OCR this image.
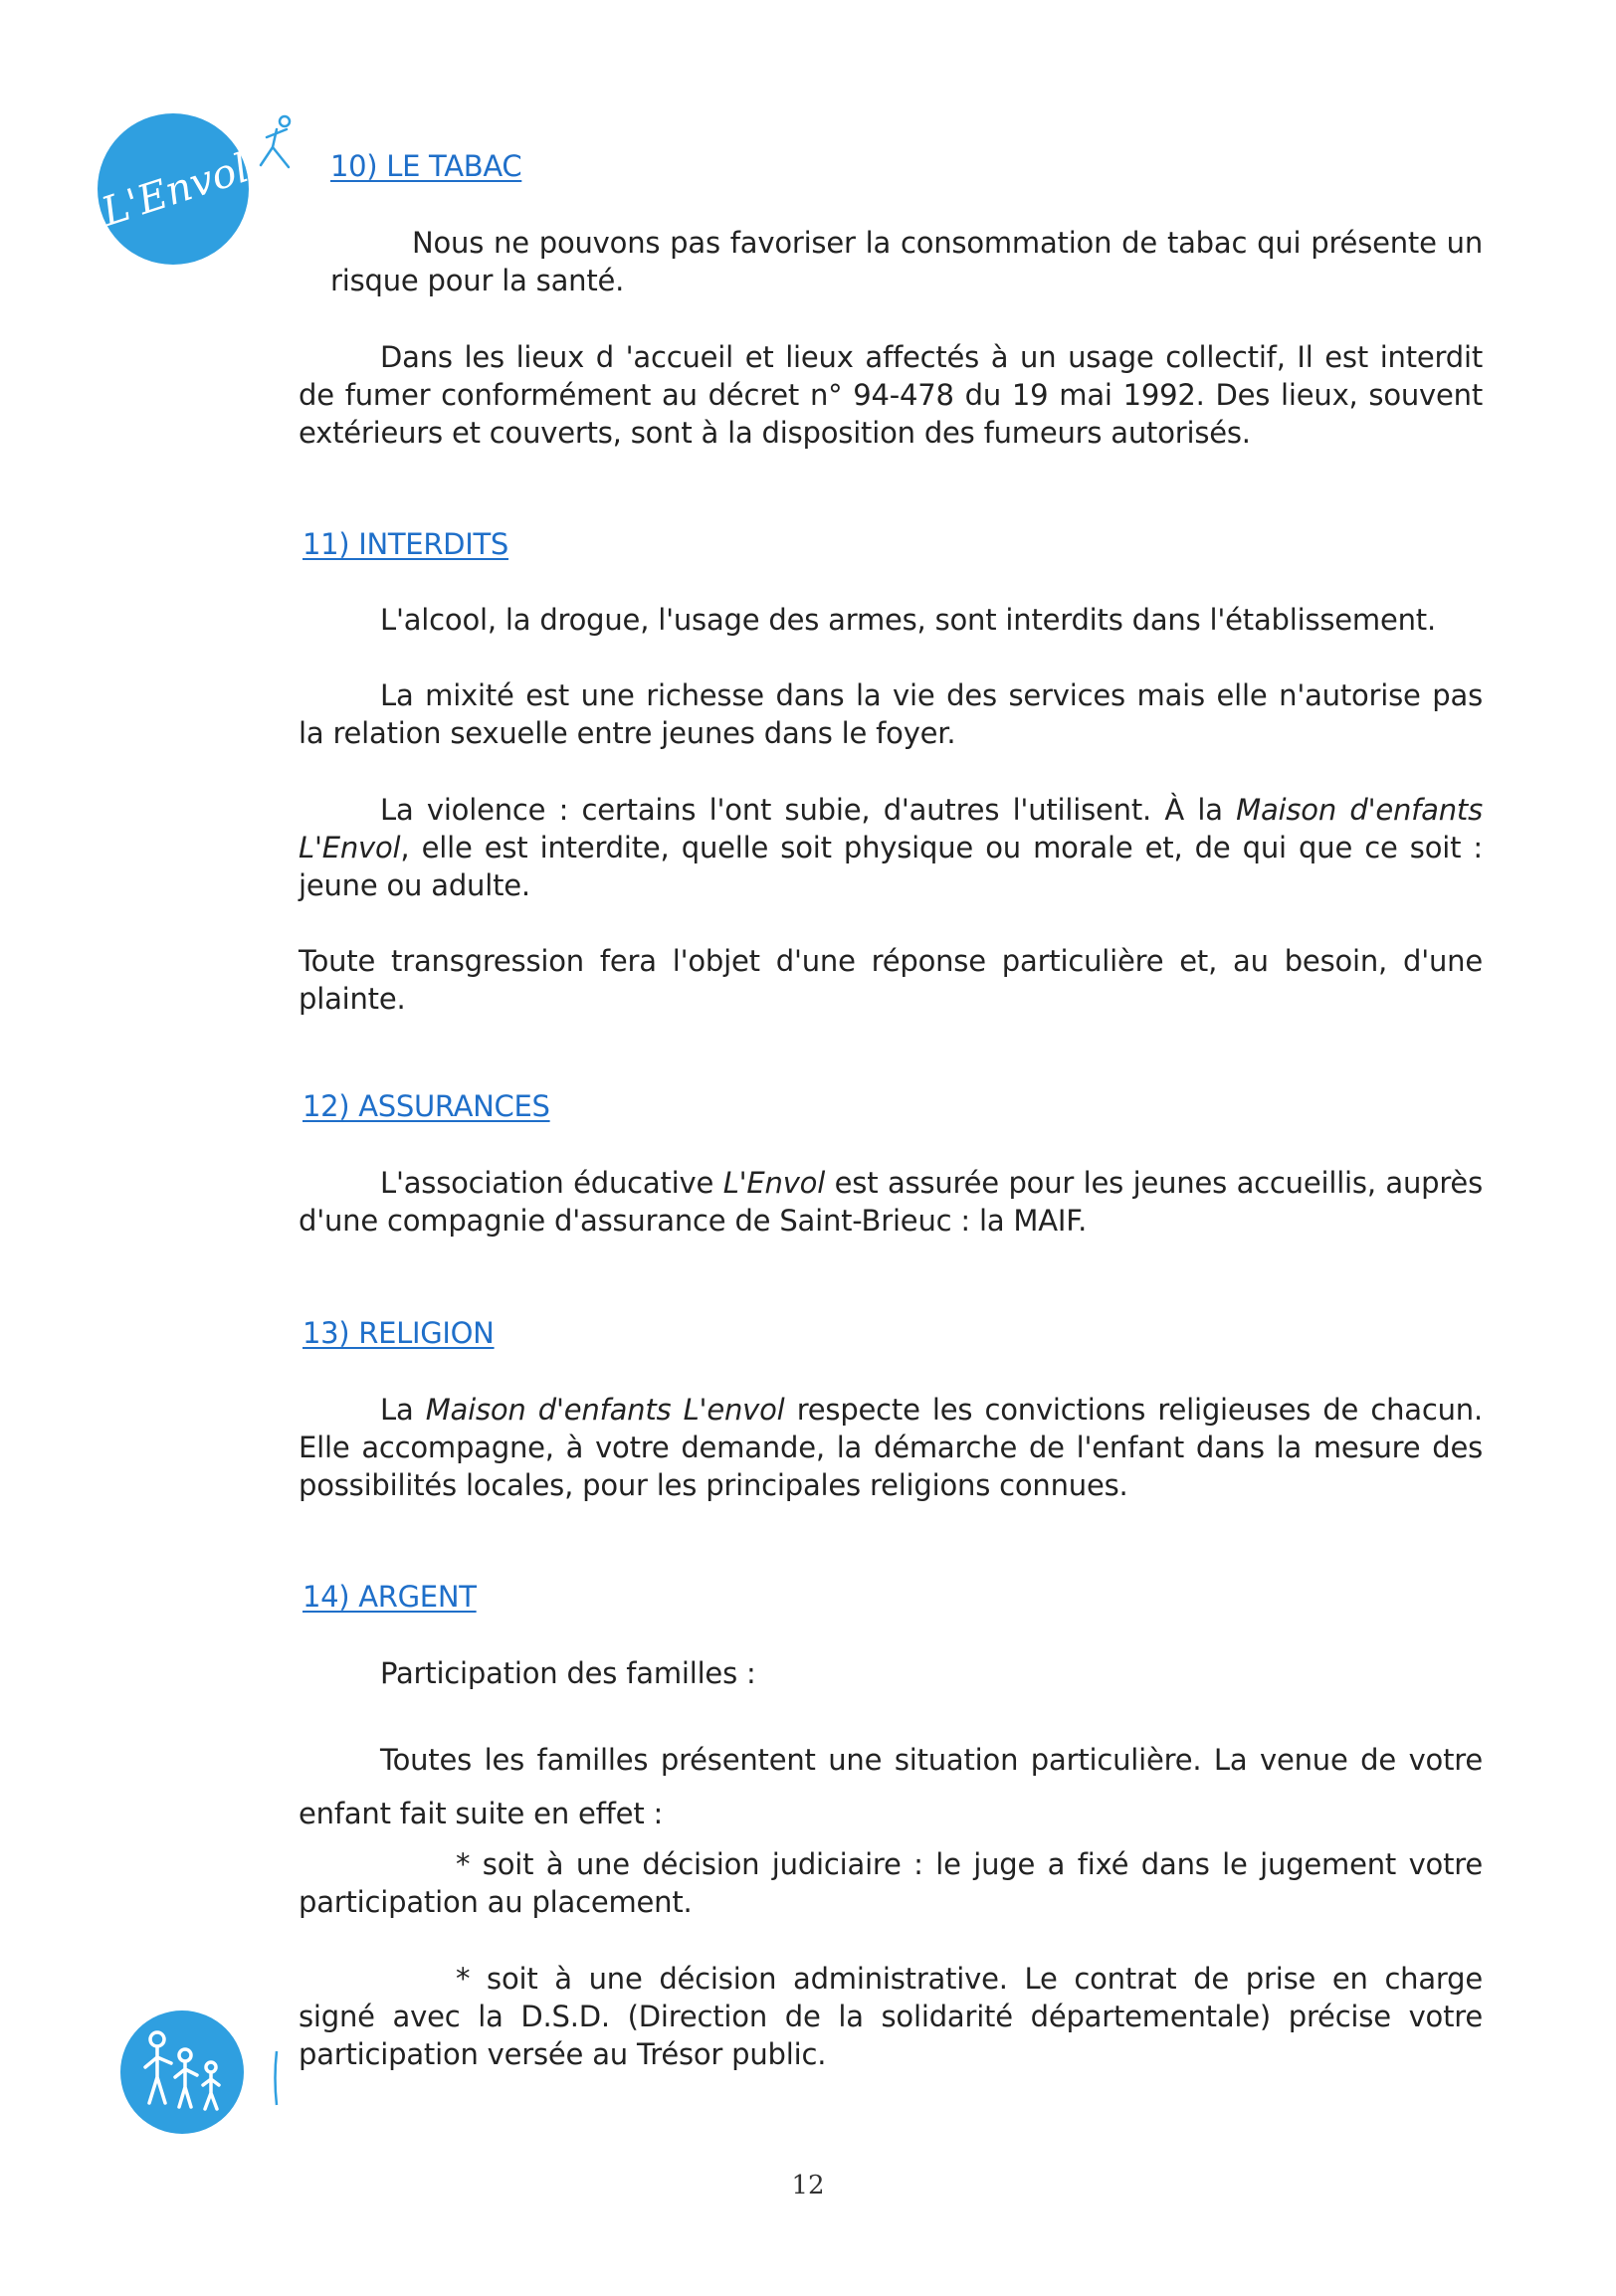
L'Envol	10) LE TABAC

Nous ne pouvons pas favoriser la consommation de tabac qui présente un risque pour la santé.

Dans les lieux d 'accueil et lieux affectés à un usage collectif, Il est interdit de fumer conformément au décret n° 94-478 du 19 mai 1992. Des lieux, souvent extérieurs et couverts, sont à la disposition des fumeurs autorisés.

11) INTERDITS

L'alcool, la drogue, l'usage des armes, sont interdits dans l'établissement.

La mixité est une richesse dans la vie des services mais elle n'autorise pas la relation sexuelle entre jeunes dans le foyer.

La violence : certains l'ont subie, d'autres l'utilisent. À la Maison d'enfants L'Envol, elle est interdite, quelle soit physique ou morale et, de qui que ce soit : jeune ou adulte.

Toute transgression fera l'objet d'une réponse particulière et, au besoin, d'une plainte.

12) ASSURANCES

L'association éducative L'Envol est assurée pour les jeunes accueillis, auprès d'une compagnie d'assurance de Saint-Brieuc : la MAIF.

13) RELIGION

La Maison d'enfants L'envol respecte les convictions religieuses de chacun. Elle accompagne, à votre demande, la démarche de l'enfant dans la mesure des possibilités locales, pour les principales religions connues.

14) ARGENT

Participation des familles :

Toutes les familles présentent une situation particulière. La venue de votre enfant fait suite en effet :

* soit à une décision judiciaire : le juge a fixé dans le jugement votre participation au placement.

* soit à une décision administrative. Le contrat de prise en charge signé avec la D.S.D. (Direction de la solidarité départementale) précise votre participation versée au Trésor public.

12
